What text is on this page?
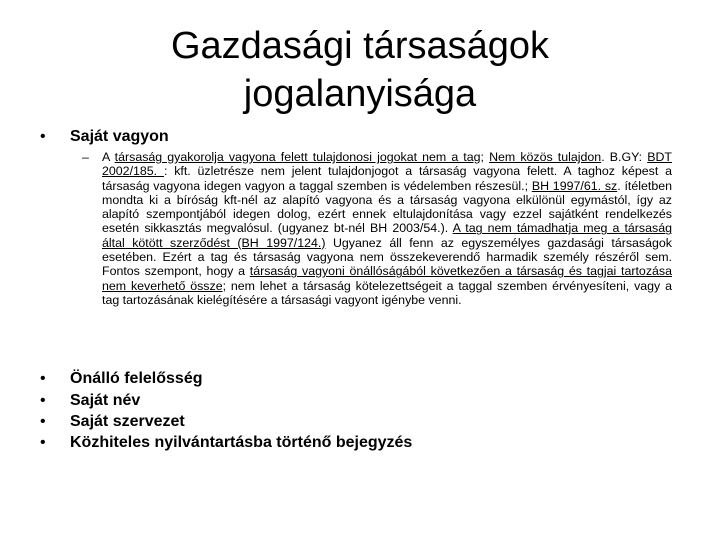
Gazdasági társaságok
jogalanyisága
• Saját vagyon
– A társaság gyakorolja vagyona felett tulajdonosi jogokat nem a tag; Nem közös tulajdon. B.GY: BDT 2002/185. : kft. üzletrésze nem jelent tulajdonjogot a társaság vagyona felett. A taghoz képest a társaság vagyona idegen vagyon a taggal szemben is védelemben részesül.; BH 1997/61. sz. ítéletben mondta ki a bíróság kft-nél az alapító vagyona és a társaság vagyona elkülönül egymástól, így az alapító szempontjából idegen dolog, ezért ennek eltulajdonítása vagy ezzel sajátként rendelkezés esetén sikkasztás megvalósul. (ugyanez bt-nél BH 2003/54.). A tag nem támadhatja meg a társaság által kötött szerződést (BH 1997/124.) Ugyanez áll fenn az egyszemélyes gazdasági társaságok esetében. Ezért a tag és társaság vagyona nem összekeverendő harmadik személy részéről sem. Fontos szempont, hogy a társaság vagyoni önállóságából következően a társaság és tagjai tartozása nem keverhető össze; nem lehet a társaság kötelezettségeit a taggal szemben érvényesíteni, vagy a tag tartozásának kielégítésére a társasági vagyont igénybe venni.
• Önálló felelősség
• Saját név
• Saját szervezet
• Közhiteles nyilvántartásba történő bejegyzés
